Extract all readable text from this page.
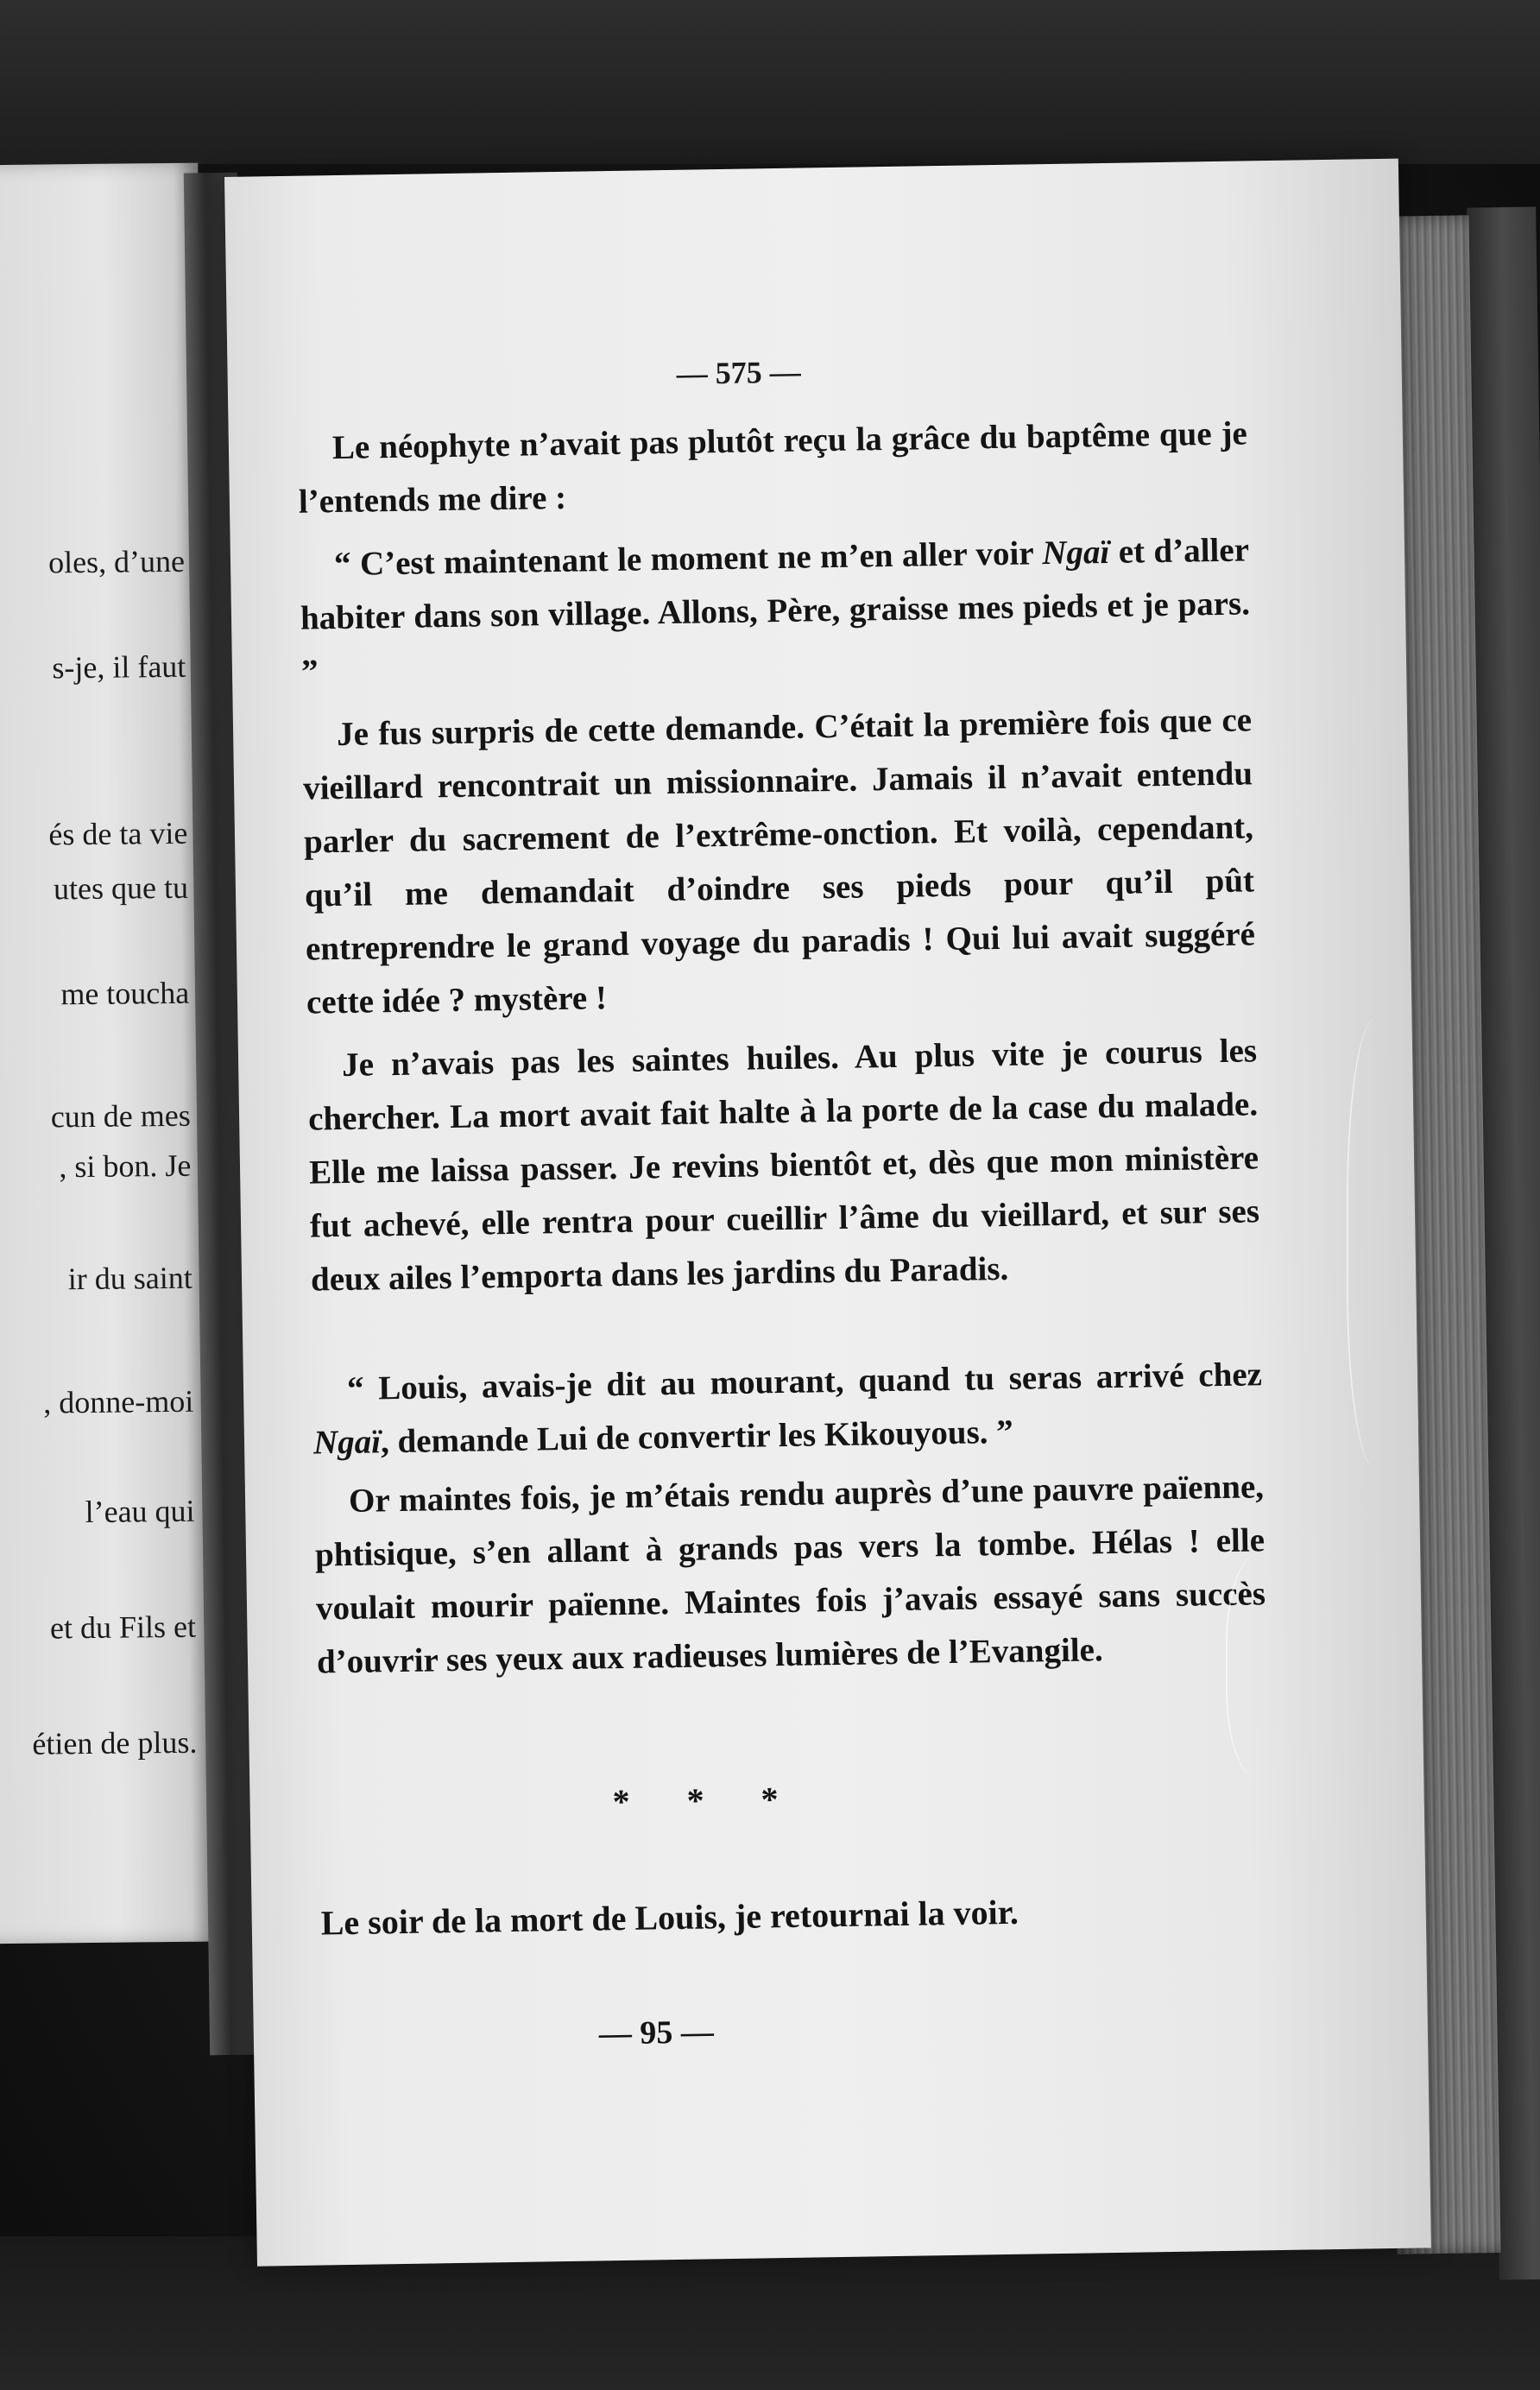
oles, d’une
s-je, il faut
és de ta vie
utes que tu
me toucha
cun de mes
, si bon. Je
ir du saint
, donne-moi
l’eau qui
et du Fils et
étien de plus.
— 575 —
Le néophyte n’avait pas plutôt reçu la grâce du baptême que je l’entends me dire :
“ C’est maintenant le moment ne m’en aller voir Ngaï et d’aller habiter dans son village. Allons, Père, graisse mes pieds et je pars. ”
Je fus surpris de cette demande. C’était la première fois que ce vieillard rencontrait un missionnaire. Jamais il n’avait entendu parler du sacrement de l’extrême-onction. Et voilà, cependant, qu’il me demandait d’oindre ses pieds pour qu’il pût entreprendre le grand voyage du paradis ! Qui lui avait suggéré cette idée ? mystère !
Je n’avais pas les saintes huiles. Au plus vite je courus les chercher. La mort avait fait halte à la porte de la case du malade. Elle me laissa passer. Je revins bientôt et, dès que mon ministère fut achevé, elle rentra pour cueillir l’âme du vieillard, et sur ses deux ailes l’emporta dans les jardins du Paradis.
“ Louis, avais-je dit au mourant, quand tu seras arrivé chez Ngaï, demande Lui de convertir les Kikouyous. ”
Or maintes fois, je m’étais rendu auprès d’une pauvre païenne, phtisique, s’en allant à grands pas vers la tombe. Hélas ! elle voulait mourir païenne. Maintes fois j’avais essayé sans succès d’ouvrir ses yeux aux radieuses lumières de l’Evangile.
* * *
Le soir de la mort de Louis, je retournai la voir.
— 95 —
